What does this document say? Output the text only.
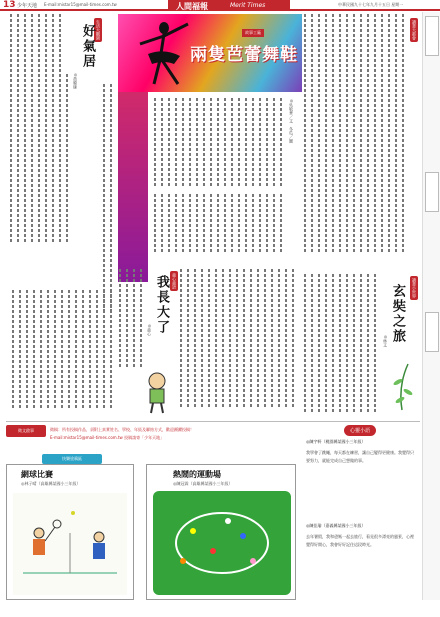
13 少年天地 E-mail:mistar15@mail-times.com.tw	人間福報	Merit Times	中華民國九十七年九月十五日 星期一
生活大觀園
好氣居
◎黃曉臻
兩隻芭蕾舞鞋
故事工廠
◎吳敏華／文　冬瓜／圖
讀書大都會
童心童語
我長大了
◎童心
讀書小世界
玄奘之旅
◎林文
徵文啟事	徵稿：所有投稿作品，須附上真實姓名、學校、年級及聯絡方式，歡迎踴躍投稿！
E-mail:mistar15@mail-times.com.tw 投稿請寄「少年天地」
快樂塗鴉區
網球比賽
◎林子晴（高雄縣某國小三年級）
熱鬧的運動場
◎陳冠霖（高雄縣某國小三年級）
心靈小語
◎陳宇軒（桃園縣某國小三年級）
我學會了跳繩，每天都在練習，讓自己變得更健康。我覺得只要努力，就能完成自己想做的事。
◎陳佳瑜（嘉義縣某國小三年級）
去年暑假，我和爸媽一起去旅行，看見很多漂亮的風景，心裡覺得好開心，我會好好記住這段時光。
